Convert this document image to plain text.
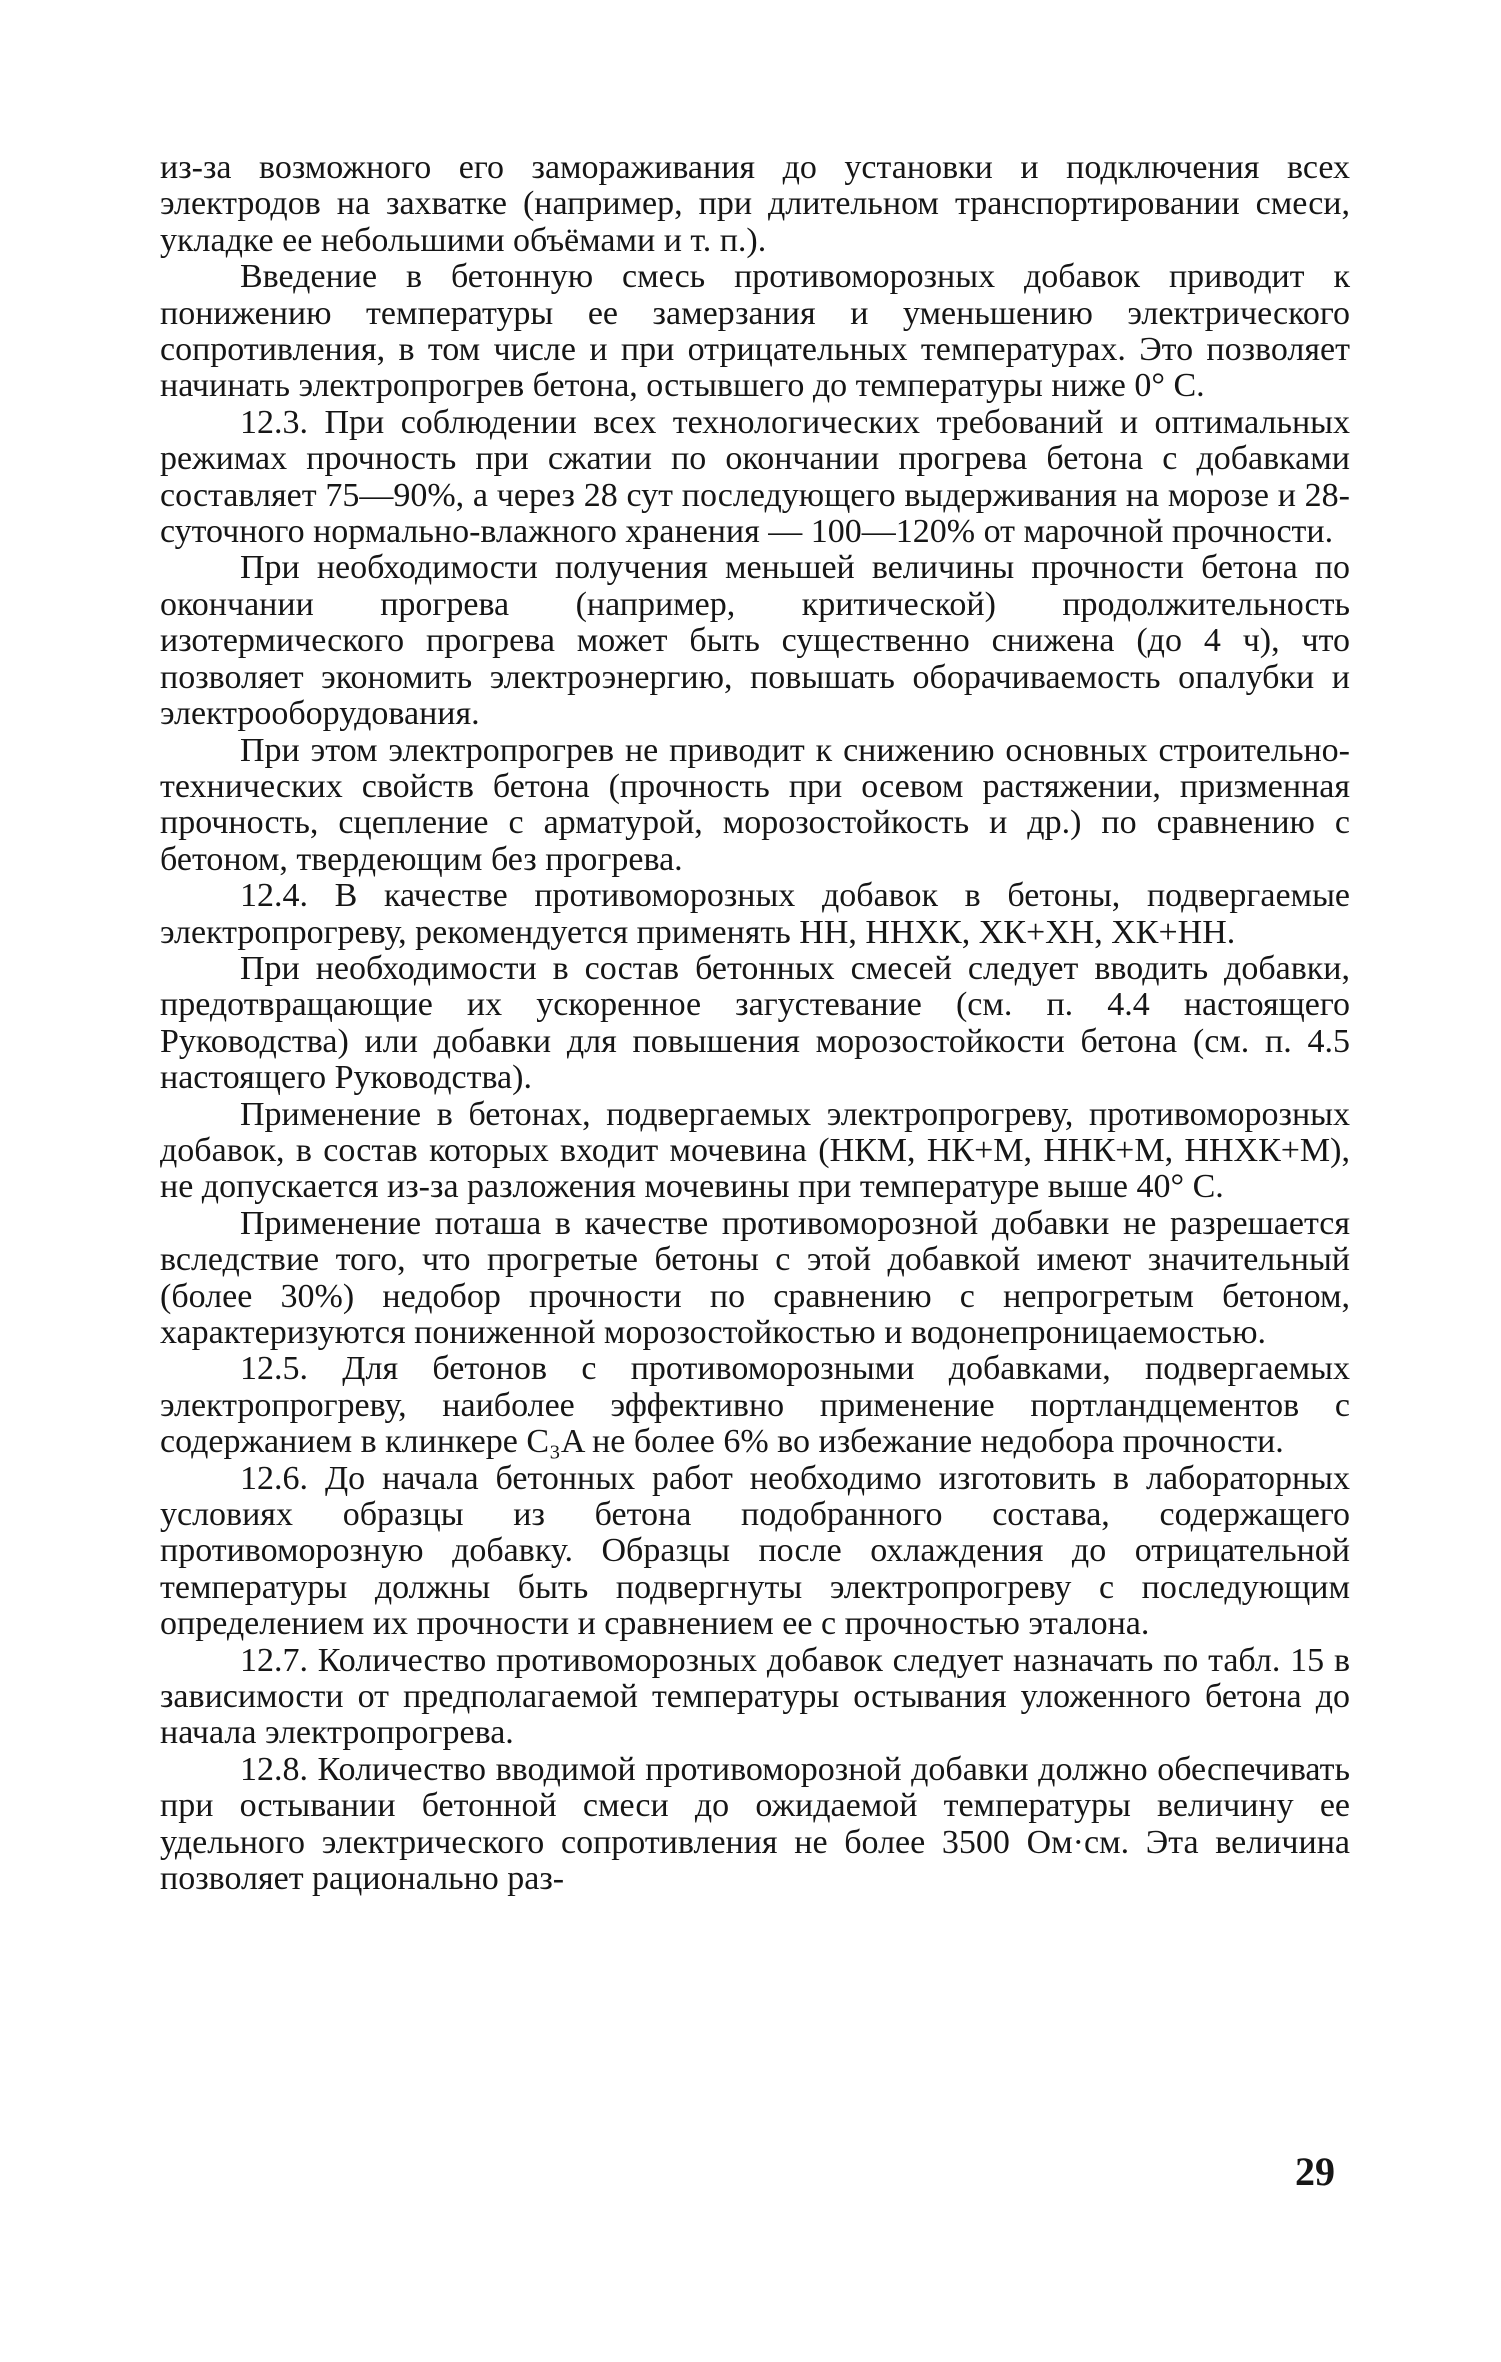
из-за возможного его замораживания до установки и подключения всех электродов на захватке (например, при длительном транспортировании смеси, укладке ее небольшими объёмами и т. п.).

Введение в бетонную смесь противоморозных добавок приводит к понижению температуры ее замерзания и уменьшению электрического сопротивления, в том числе и при отрицательных температурах. Это позволяет начинать электропрогрев бетона, остывшего до температуры ниже 0° С.

12.3. При соблюдении всех технологических требований и оптимальных режимах прочность при сжатии по окончании прогрева бетона с добавками составляет 75—90%, а через 28 сут последующего выдерживания на морозе и 28-суточного нормально-влажного хранения — 100—120% от марочной прочности.

При необходимости получения меньшей величины прочности бетона по окончании прогрева (например, критической) продолжительность изотермического прогрева может быть существенно снижена (до 4 ч), что позволяет экономить электроэнергию, повышать оборачиваемость опалубки и электрооборудования.

При этом электропрогрев не приводит к снижению основных строительно-технических свойств бетона (прочность при осевом растяжении, призменная прочность, сцепление с арматурой, морозостойкость и др.) по сравнению с бетоном, твердеющим без прогрева.

12.4. В качестве противоморозных добавок в бетоны, подвергаемые электропрогреву, рекомендуется применять НН, ННХК, ХК+ХН, ХК+НН.

При необходимости в состав бетонных смесей следует вводить добавки, предотвращающие их ускоренное загустевание (см. п. 4.4 настоящего Руководства) или добавки для повышения морозостойкости бетона (см. п. 4.5 настоящего Руководства).

Применение в бетонах, подвергаемых электропрогреву, противоморозных добавок, в состав которых входит мочевина (НКМ, НК+М, ННК+М, ННХК+М), не допускается из-за разложения мочевины при температуре выше 40° С.

Применение поташа в качестве противоморозной добавки не разрешается вследствие того, что прогретые бетоны с этой добавкой имеют значительный (более 30%) недобор прочности по сравнению с непрогретым бетоном, характеризуются пониженной морозостойкостью и водонепроницаемостью.

12.5. Для бетонов с противоморозными добавками, подвергаемых электропрогреву, наиболее эффективно применение портландцементов с содержанием в клинкере C₃A не более 6% во избежание недобора прочности.

12.6. До начала бетонных работ необходимо изготовить в лабораторных условиях образцы из бетона подобранного состава, содержащего противоморозную добавку. Образцы после охлаждения до отрицательной температуры должны быть подвергнуты электропрогреву с последующим определением их прочности и сравнением ее с прочностью эталона.

12.7. Количество противоморозных добавок следует назначать по табл. 15 в зависимости от предполагаемой температуры остывания уложенного бетона до начала электропрогрева.

12.8. Количество вводимой противоморозной добавки должно обеспечивать при остывании бетонной смеси до ожидаемой температуры величину ее удельного электрического сопротивления не более 3500 Ом·см. Эта величина позволяет рационально раз-

29
